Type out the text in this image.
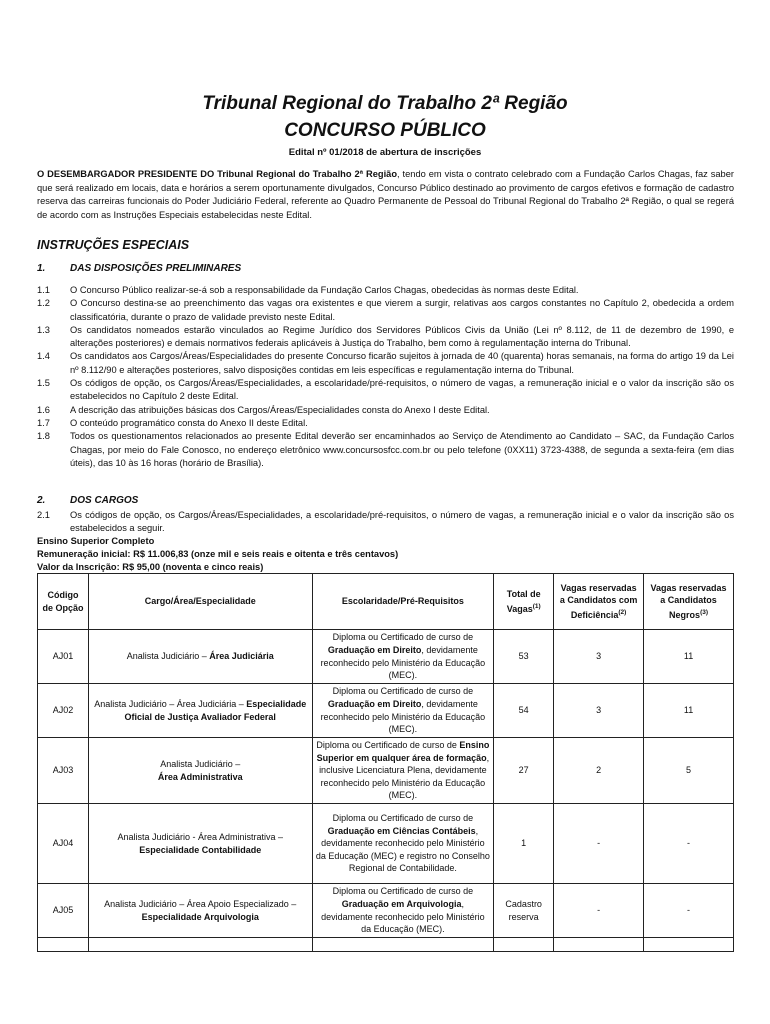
Tribunal Regional do Trabalho 2ª Região
CONCURSO PÚBLICO
Edital nº 01/2018 de abertura de inscrições
O DESEMBARGADOR PRESIDENTE DO Tribunal Regional do Trabalho 2ª Região, tendo em vista o contrato celebrado com a Fundação Carlos Chagas, faz saber que será realizado em locais, data e horários a serem oportunamente divulgados, Concurso Público destinado ao provimento de cargos efetivos e formação de cadastro reserva das carreiras funcionais do Poder Judiciário Federal, referente ao Quadro Permanente de Pessoal do Tribunal Regional do Trabalho 2ª Região, o qual se regerá de acordo com as Instruções Especiais estabelecidas neste Edital.
INSTRUÇÕES ESPECIAIS
1. DAS DISPOSIÇÕES PRELIMINARES
1.1	O Concurso Público realizar-se-á sob a responsabilidade da Fundação Carlos Chagas, obedecidas às normas deste Edital.
1.2	O Concurso destina-se ao preenchimento das vagas ora existentes e que vierem a surgir, relativas aos cargos constantes no Capítulo 2, obedecida a ordem classificatória, durante o prazo de validade previsto neste Edital.
1.3	Os candidatos nomeados estarão vinculados ao Regime Jurídico dos Servidores Públicos Civis da União (Lei nº 8.112, de 11 de dezembro de 1990, e alterações posteriores) e demais normativos federais aplicáveis à Justiça do Trabalho, bem como à regulamentação interna do Tribunal.
1.4	Os candidatos aos Cargos/Áreas/Especialidades do presente Concurso ficarão sujeitos à jornada de 40 (quarenta) horas semanais, na forma do artigo 19 da Lei nº 8.112/90 e alterações posteriores, salvo disposições contidas em leis específicas e regulamentação interna do Tribunal.
1.5	Os códigos de opção, os Cargos/Áreas/Especialidades, a escolaridade/pré-requisitos, o número de vagas, a remuneração inicial e o valor da inscrição são os estabelecidos no Capítulo 2 deste Edital.
1.6	A descrição das atribuições básicas dos Cargos/Áreas/Especialidades consta do Anexo I deste Edital.
1.7	O conteúdo programático consta do Anexo II deste Edital.
1.8	Todos os questionamentos relacionados ao presente Edital deverão ser encaminhados ao Serviço de Atendimento ao Candidato – SAC, da Fundação Carlos Chagas, por meio do Fale Conosco, no endereço eletrônico www.concursosfcc.com.br ou pelo telefone (0XX11) 3723-4388, de segunda a sexta-feira (em dias úteis), das 10 às 16 horas (horário de Brasília).
2. DOS CARGOS
2.1	Os códigos de opção, os Cargos/Áreas/Especialidades, a escolaridade/pré-requisitos, o número de vagas, a remuneração inicial e o valor da inscrição são os estabelecidos a seguir.
Ensino Superior Completo
Remuneração inicial: R$ 11.006,83 (onze mil e seis reais e oitenta e três centavos)
Valor da Inscrição: R$ 95,00 (noventa e cinco reais)
Código de Opção	Cargo/Área/Especialidade	Escolaridade/Pré-Requisitos	Total de Vagas$^{(1)}$	Vagas reservadas a Candidatos com Deficiência$^{(2)}$	Vagas reservadas a Candidatos Negros$^{(3)}$
AJ01	Analista Judiciário – Área Judiciária	Diploma ou Certificado de curso de Graduação em Direito, devidamente reconhecido pelo Ministério da Educação (MEC).	53	3	11
AJ02	Analista Judiciário – Área Judiciária – Especialidade Oficial de Justiça Avaliador Federal	Diploma ou Certificado de curso de Graduação em Direito, devidamente reconhecido pelo Ministério da Educação (MEC).	54	3	11
AJ03	Analista Judiciário –
Área Administrativa	Diploma ou Certificado de curso de Ensino Superior em qualquer área de formação, inclusive Licenciatura Plena, devidamente reconhecido pelo Ministério da Educação (MEC).	27	2	5
AJ04	Analista Judiciário - Área Administrativa – Especialidade Contabilidade	Diploma ou Certificado de curso de Graduação em Ciências Contábeis, devidamente reconhecido pelo Ministério da Educação (MEC) e registro no Conselho Regional de Contabilidade.	1	-	-
AJ05	Analista Judiciário – Área Apoio Especializado – Especialidade Arquivologia	Diploma ou Certificado de curso de Graduação em Arquivologia, devidamente reconhecido pelo Ministério da Educação (MEC).	Cadastro reserva	-	-
